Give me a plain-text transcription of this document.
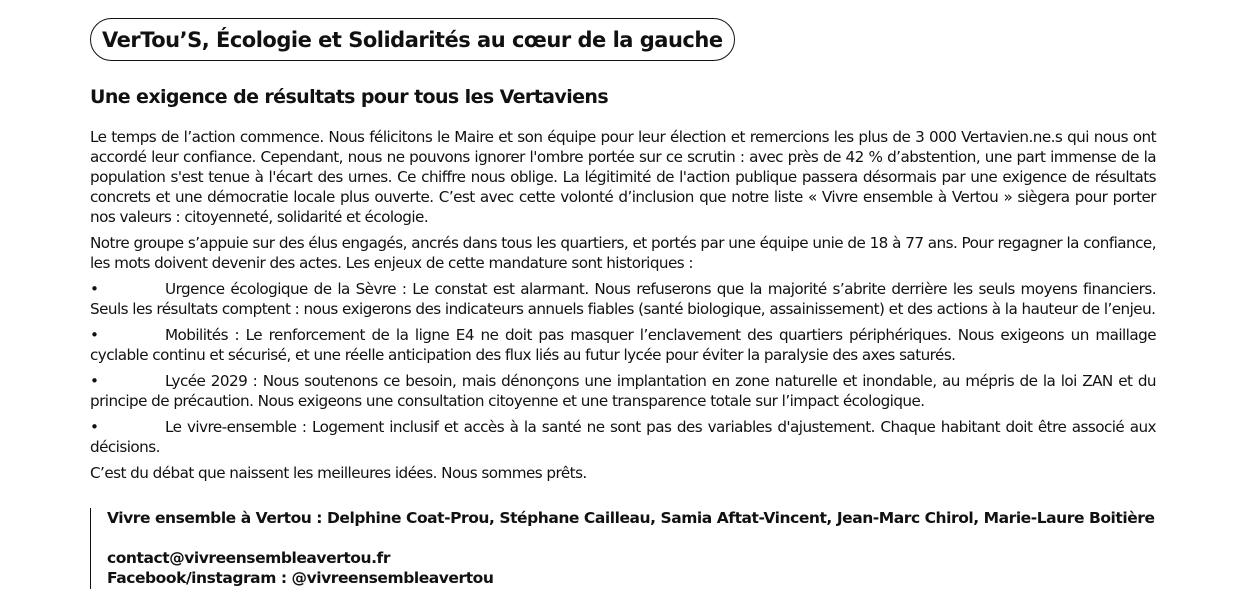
VerTou’S, Écologie et Solidarités au cœur de la gauche
Une exigence de résultats pour tous les Vertaviens

Le temps de l’action commence. Nous félicitons le Maire et son équipe pour leur élection et remercions les plus de 3 000 Vertavien.ne.s qui nous ont accordé leur confiance. Cependant, nous ne pouvons ignorer l'ombre portée sur ce scrutin : avec près de 42 % d’abstention, une part immense de la population s'est tenue à l'écart des urnes. Ce chiffre nous oblige. La légitimité de l'action publique passera désormais par une exigence de résultats concrets et une démocratie locale plus ouverte. C’est avec cette volonté d’inclusion que notre liste « Vivre ensemble à Vertou » siègera pour porter nos valeurs : citoyenneté, solidarité et écologie.

Notre groupe s’appuie sur des élus engagés, ancrés dans tous les quartiers, et portés par une équipe unie de 18 à 77 ans. Pour regagner la confiance, les mots doivent devenir des actes. Les enjeux de cette mandature sont historiques :

•	Urgence écologique de la Sèvre : Le constat est alarmant. Nous refuserons que la majorité s’abrite derrière les seuls moyens financiers. Seuls les résultats comptent : nous exigerons des indicateurs annuels fiables (santé biologique, assainissement) et des actions à la hauteur de l’enjeu.
•	Mobilités : Le renforcement de la ligne E4 ne doit pas masquer l’enclavement des quartiers périphériques. Nous exigeons un maillage cyclable continu et sécurisé, et une réelle anticipation des flux liés au futur lycée pour éviter la paralysie des axes saturés.
•	Lycée 2029 : Nous soutenons ce besoin, mais dénonçons une implantation en zone naturelle et inondable, au mépris de la loi ZAN et du principe de précaution. Nous exigeons une consultation citoyenne et une transparence totale sur l’impact écologique.
•	Le vivre-ensemble : Logement inclusif et accès à la santé ne sont pas des variables d'ajustement. Chaque habitant doit être associé aux décisions.

C’est du débat que naissent les meilleures idées. Nous sommes prêts.

Vivre ensemble à Vertou : Delphine Coat-Prou, Stéphane Cailleau, Samia Aftat-Vincent, Jean-Marc Chirol, Marie-Laure Boitière
contact@vivreensembleavertou.fr
Facebook/instagram : @vivreensembleavertou
